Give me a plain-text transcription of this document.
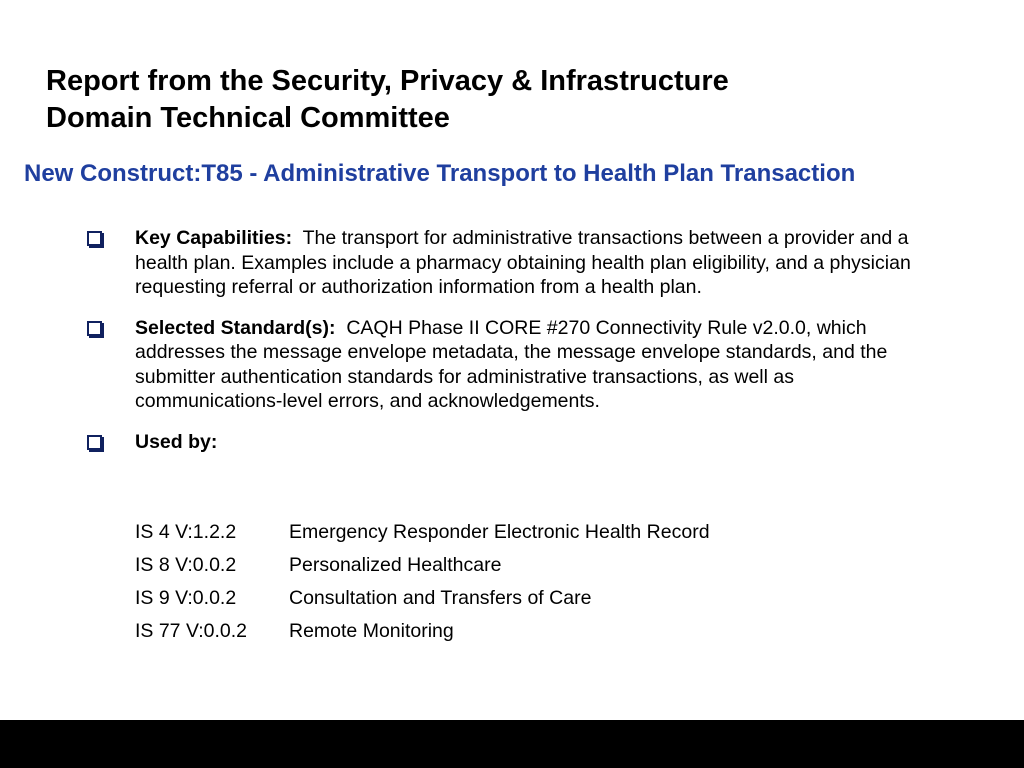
Report from the Security, Privacy & Infrastructure
Domain Technical Committee
New Construct:T85 - Administrative Transport to Health Plan Transaction
Key Capabilities: The transport for administrative transactions between a provider and a health plan. Examples include a pharmacy obtaining health plan eligibility, and a physician requesting referral or authorization information from a health plan.
Selected Standard(s): CAQH Phase II CORE #270 Connectivity Rule v2.0.0, which addresses the message envelope metadata, the message envelope standards, and the submitter authentication standards for administrative transactions, as well as communications-level errors, and acknowledgements.
Used by:
IS 4 V:1.2.2	Emergency Responder Electronic Health Record
IS 8 V:0.0.2	Personalized Healthcare
IS 9 V:0.0.2	Consultation and Transfers of Care
IS 77 V:0.0.2 Remote Monitoring
